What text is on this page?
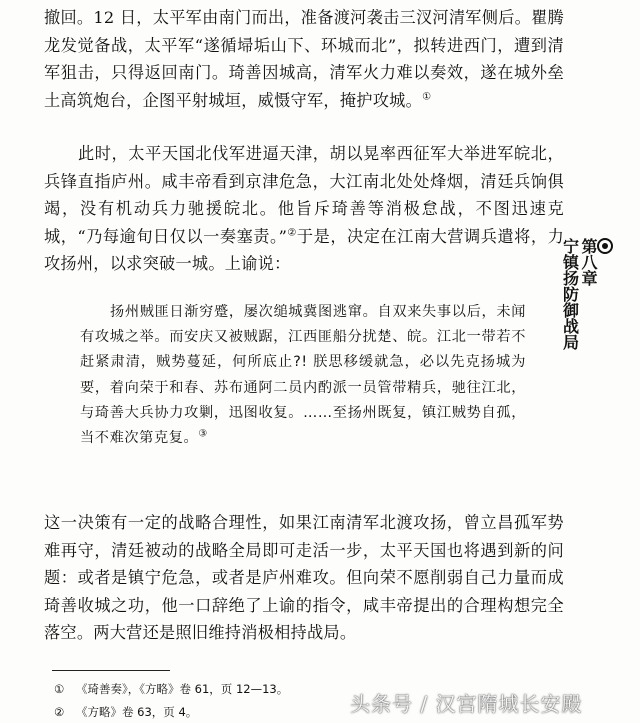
撤回。12 日，太平军由南门而出，准备渡河袭击三汊河清军侧后。瞿腾龙发觉备战，太平军“遂循埽垢山下、环城而北”，拟转进西门，遭到清军狙击，只得返回南门。琦善因城高，清军火力难以奏效，遂在城外垒土高筑炮台，企图平射城垣，威慑守军，掩护攻城。①

此时，太平天国北伐军进逼天津，胡以晃率西征军大举进军皖北，兵锋直指庐州。咸丰帝看到京津危急，大江南北处处烽烟，清廷兵饷俱竭，没有机动兵力驰援皖北。他旨斥琦善等消极怠战，不图迅速克城，“乃每逾旬日仅以一奏塞责。”②于是，决定在江南大营调兵遣将，力攻扬州，以求突破一城。上谕说：

扬州贼匪日渐穷蹙，屡次缒城冀图逃窜。自双来失事以后，未闻有攻城之举。而安庆又被贼踞，江西匪船分扰楚、皖。江北一带若不赶紧肃清，贼势蔓延，何所底止?! 朕思移缓就急，必以先克扬城为要，着向荣于和春、苏布通阿二员内酌派一员管带精兵，驰往江北，与琦善大兵协力攻剿，迅图收复。……至扬州既复，镇江贼势自孤，当不难次第克复。③

这一决策有一定的战略合理性，如果江南清军北渡攻扬，曾立昌孤军势难再守，清廷被动的战略全局即可走活一步，太平天国也将遇到新的问题：或者是镇宁危急，或者是庐州难攻。但向荣不愿削弱自己力量而成琦善收城之功，他一口辞绝了上谕的指令，咸丰帝提出的合理构想完全落空。两大营还是照旧维持消极相持战局。

① 《琦善奏》，《方略》卷 61，页 12—13。
② 《方略》卷 63，页 4。
第八章
宁镇扬防御战局
头条号 / 汉宫隋城长安殿
